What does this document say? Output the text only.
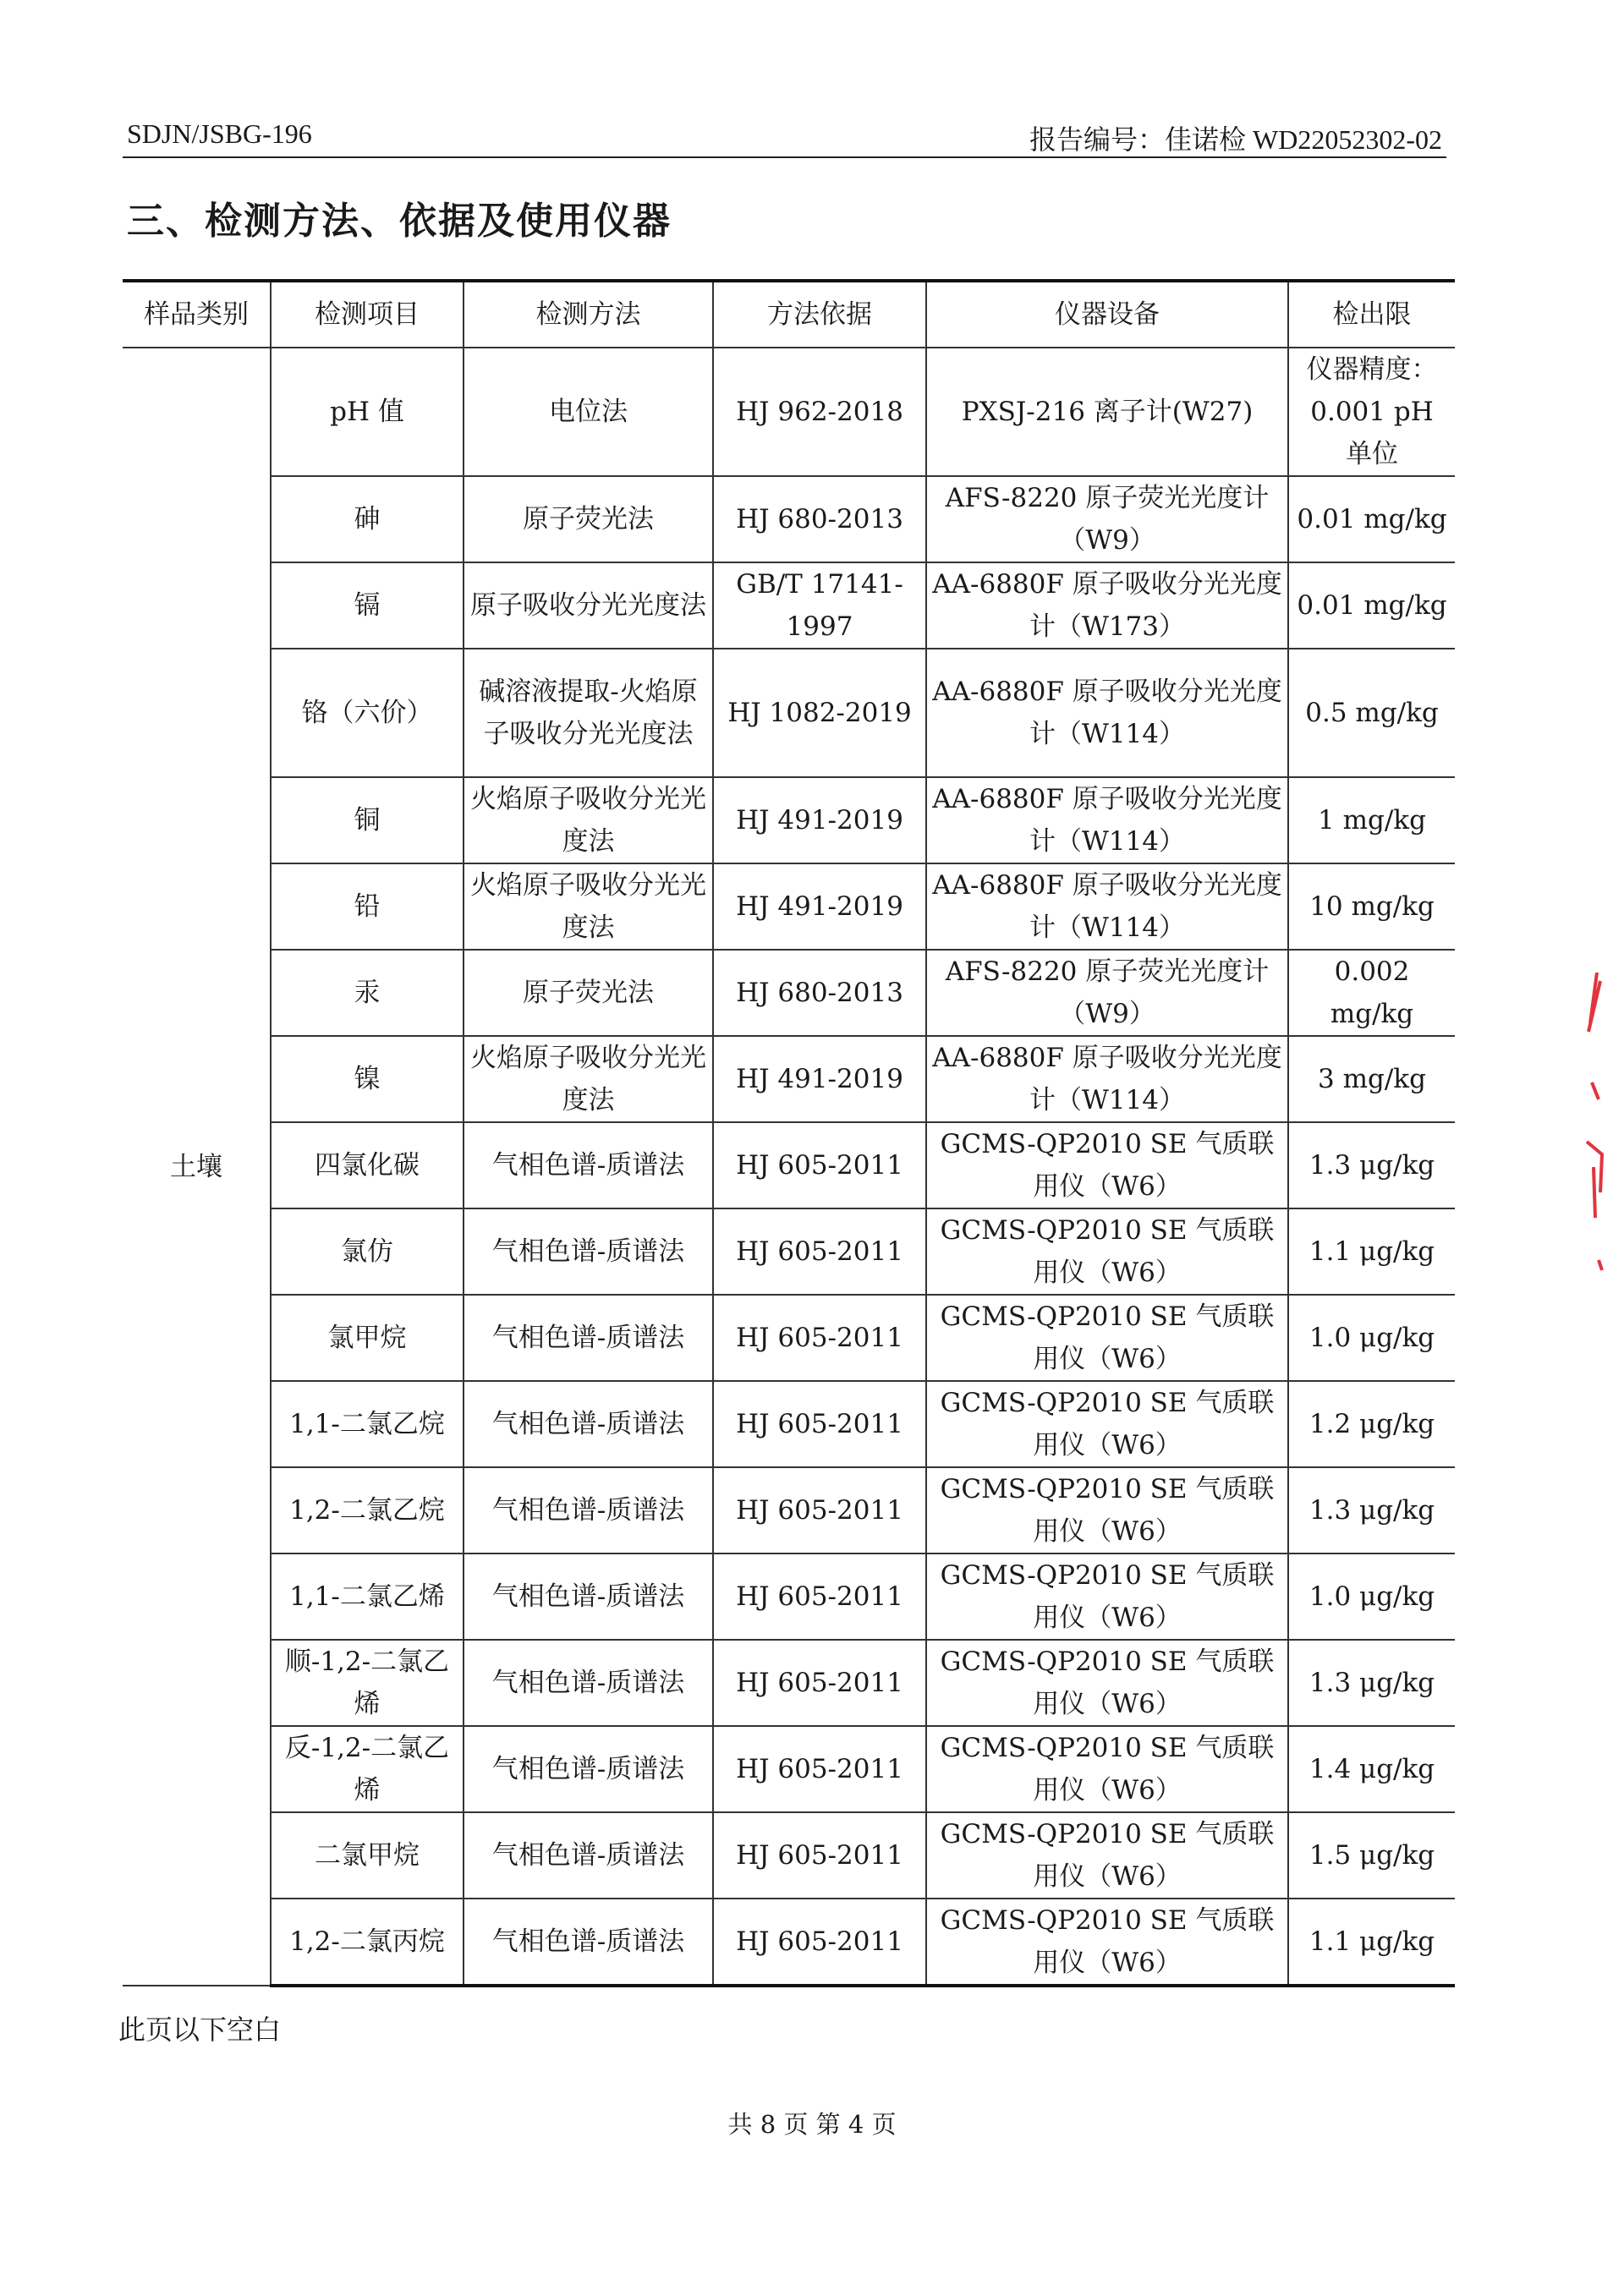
SDJN/JSBG-196	报告编号：佳诺检 WD22052302-02
三、检测方法、依据及使用仪器
样品类别	检测项目	检测方法	方法依据	仪器设备	检出限
土壤	pH 值	电位法	HJ 962-2018	PXSJ-216 离子计(W27)	仪器精度：0.001 pH 单位
	砷	原子荧光法	HJ 680-2013	AFS-8220 原子荧光光度计（W9）	0.01 mg/kg
	镉	原子吸收分光光度法	GB/T 17141-1997	AA-6880F 原子吸收分光光度计（W173）	0.01 mg/kg
	铬（六价）	碱溶液提取-火焰原子吸收分光光度法	HJ 1082-2019	AA-6880F 原子吸收分光光度计（W114）	0.5 mg/kg
	铜	火焰原子吸收分光光度法	HJ 491-2019	AA-6880F 原子吸收分光光度计（W114）	1 mg/kg
	铅	火焰原子吸收分光光度法	HJ 491-2019	AA-6880F 原子吸收分光光度计（W114）	10 mg/kg
	汞	原子荧光法	HJ 680-2013	AFS-8220 原子荧光光度计（W9）	0.002 mg/kg
	镍	火焰原子吸收分光光度法	HJ 491-2019	AA-6880F 原子吸收分光光度计（W114）	3 mg/kg
	四氯化碳	气相色谱-质谱法	HJ 605-2011	GCMS-QP2010 SE 气质联用仪（W6）	1.3 μg/kg
	氯仿	气相色谱-质谱法	HJ 605-2011	GCMS-QP2010 SE 气质联用仪（W6）	1.1 μg/kg
	氯甲烷	气相色谱-质谱法	HJ 605-2011	GCMS-QP2010 SE 气质联用仪（W6）	1.0 μg/kg
	1,1-二氯乙烷	气相色谱-质谱法	HJ 605-2011	GCMS-QP2010 SE 气质联用仪（W6）	1.2 μg/kg
	1,2-二氯乙烷	气相色谱-质谱法	HJ 605-2011	GCMS-QP2010 SE 气质联用仪（W6）	1.3 μg/kg
	1,1-二氯乙烯	气相色谱-质谱法	HJ 605-2011	GCMS-QP2010 SE 气质联用仪（W6）	1.0 μg/kg
	顺-1,2-二氯乙烯	气相色谱-质谱法	HJ 605-2011	GCMS-QP2010 SE 气质联用仪（W6）	1.3 μg/kg
	反-1,2-二氯乙烯	气相色谱-质谱法	HJ 605-2011	GCMS-QP2010 SE 气质联用仪（W6）	1.4 μg/kg
	二氯甲烷	气相色谱-质谱法	HJ 605-2011	GCMS-QP2010 SE 气质联用仪（W6）	1.5 μg/kg
	1,2-二氯丙烷	气相色谱-质谱法	HJ 605-2011	GCMS-QP2010 SE 气质联用仪（W6）	1.1 μg/kg
此页以下空白
共 8 页 第 4 页
